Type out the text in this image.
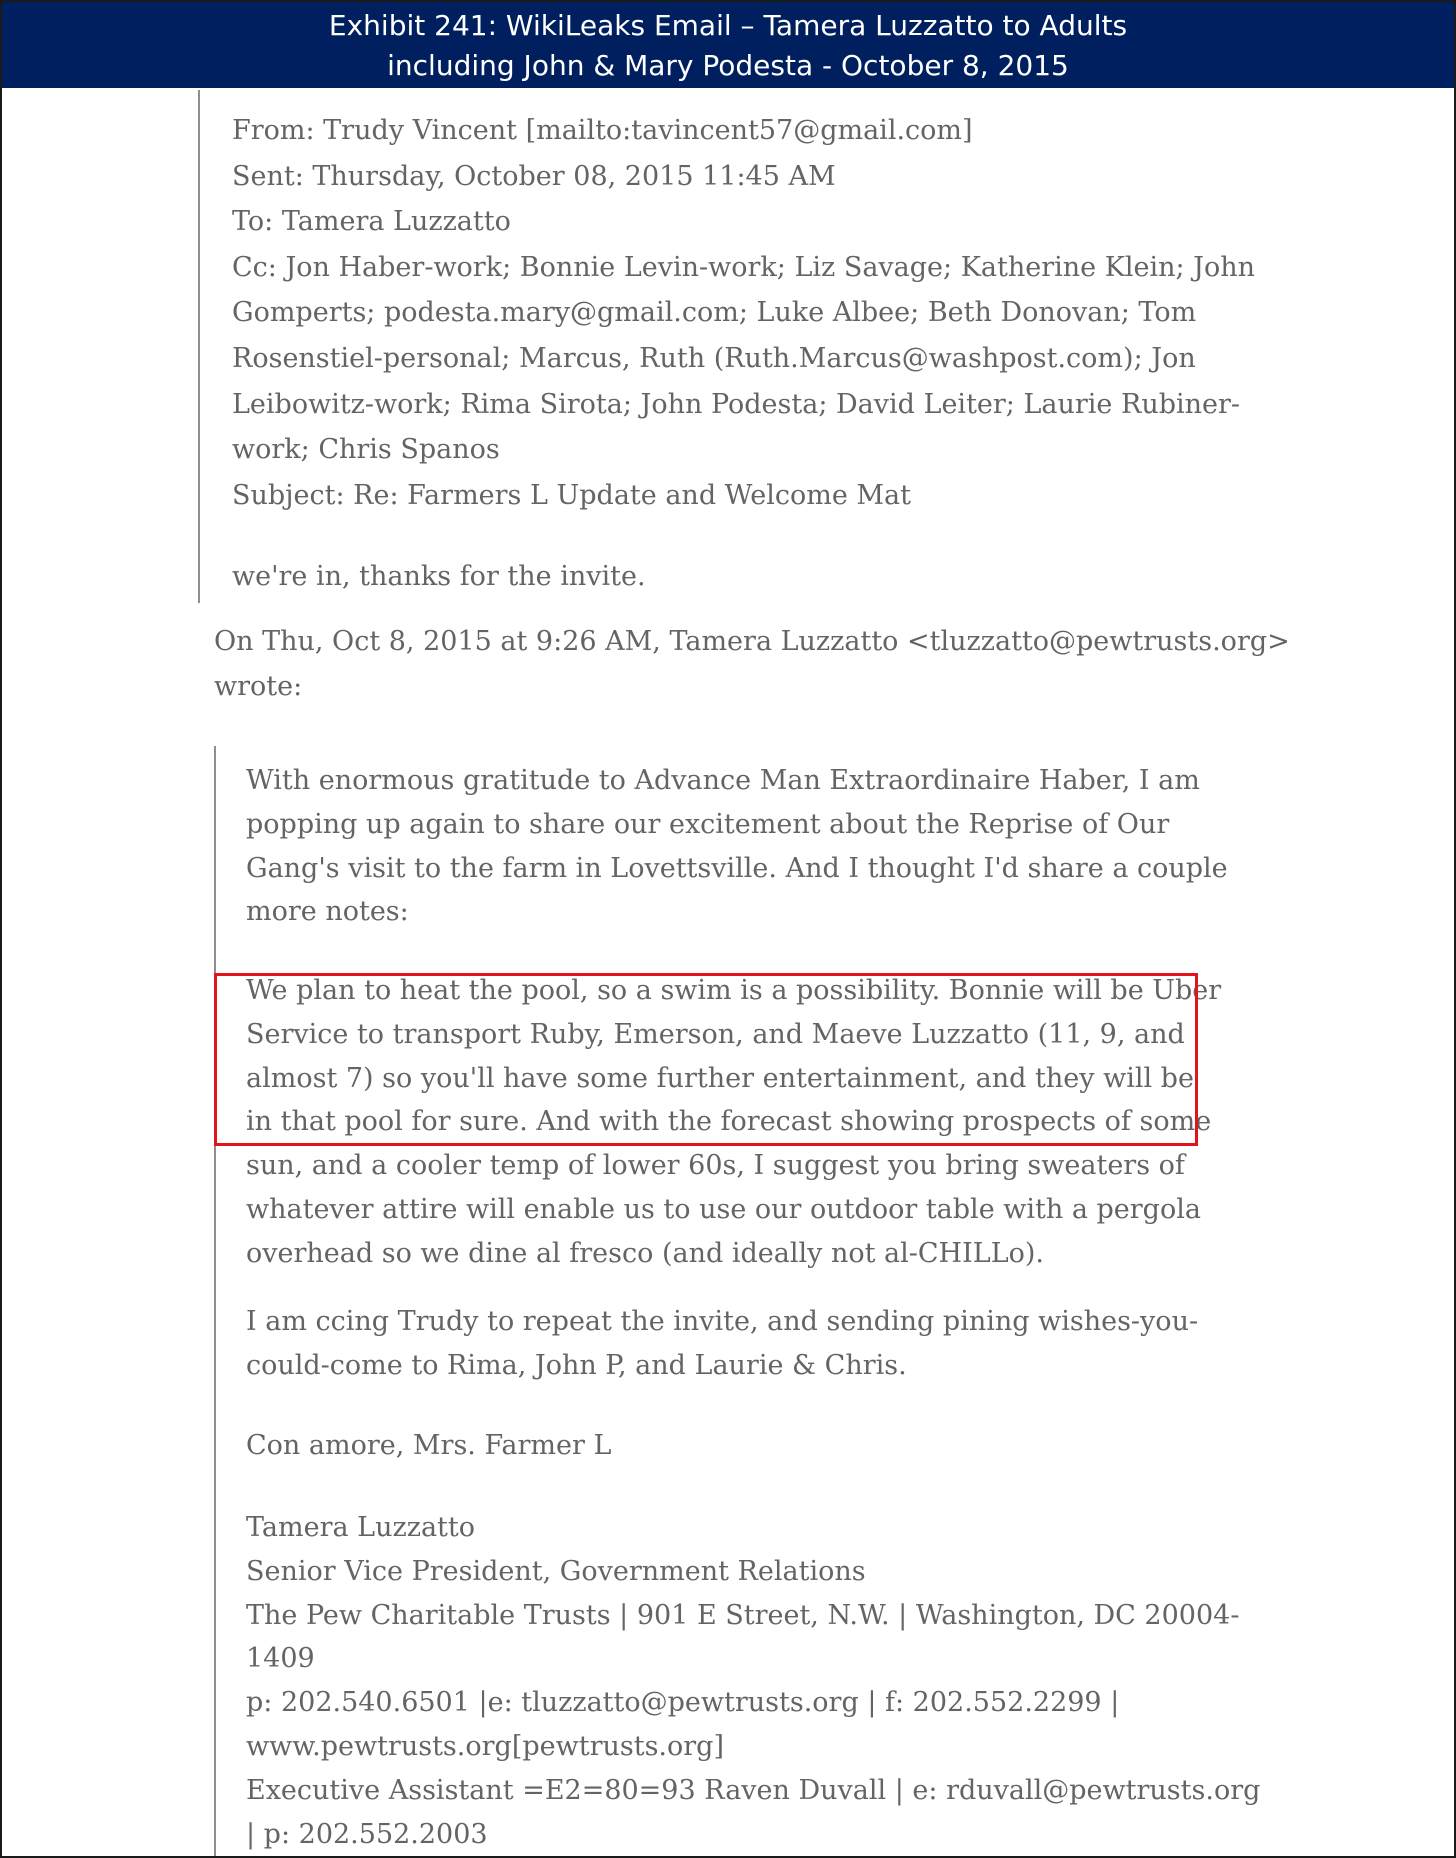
Exhibit 241: WikiLeaks Email – Tamera Luzzatto to Adults
including John & Mary Podesta - October 8, 2015
From: Trudy Vincent [mailto:tavincent57@gmail.com]
Sent: Thursday, October 08, 2015 11:45 AM
To: Tamera Luzzatto
Cc: Jon Haber-work; Bonnie Levin-work; Liz Savage; Katherine Klein; John
Gomperts; podesta.mary@gmail.com; Luke Albee; Beth Donovan; Tom
Rosenstiel-personal; Marcus, Ruth (Ruth.Marcus@washpost.com); Jon
Leibowitz-work; Rima Sirota; John Podesta; David Leiter; Laurie Rubiner-
work; Chris Spanos
Subject: Re: Farmers L Update and Welcome Mat
we're in, thanks for the invite.
On Thu, Oct 8, 2015 at 9:26 AM, Tamera Luzzatto <tluzzatto@pewtrusts.org>
wrote:
With enormous gratitude to Advance Man Extraordinaire Haber, I am
popping up again to share our excitement about the Reprise of Our
Gang's visit to the farm in Lovettsville. And I thought I'd share a couple
more notes:
We plan to heat the pool, so a swim is a possibility. Bonnie will be Uber
Service to transport Ruby, Emerson, and Maeve Luzzatto (11, 9, and
almost 7) so you'll have some further entertainment, and they will be
in that pool for sure. And with the forecast showing prospects of some
sun, and a cooler temp of lower 60s, I suggest you bring sweaters of
whatever attire will enable us to use our outdoor table with a pergola
overhead so we dine al fresco (and ideally not al-CHILLo).
I am ccing Trudy to repeat the invite, and sending pining wishes-you-
could-come to Rima, John P, and Laurie & Chris.
Con amore, Mrs. Farmer L
Tamera Luzzatto
Senior Vice President, Government Relations
The Pew Charitable Trusts | 901 E Street, N.W. | Washington, DC 20004-
1409
p: 202.540.6501 |e: tluzzatto@pewtrusts.org | f: 202.552.2299 |
www.pewtrusts.org[pewtrusts.org]
Executive Assistant =E2=80=93 Raven Duvall | e: rduvall@pewtrusts.org
| p: 202.552.2003
